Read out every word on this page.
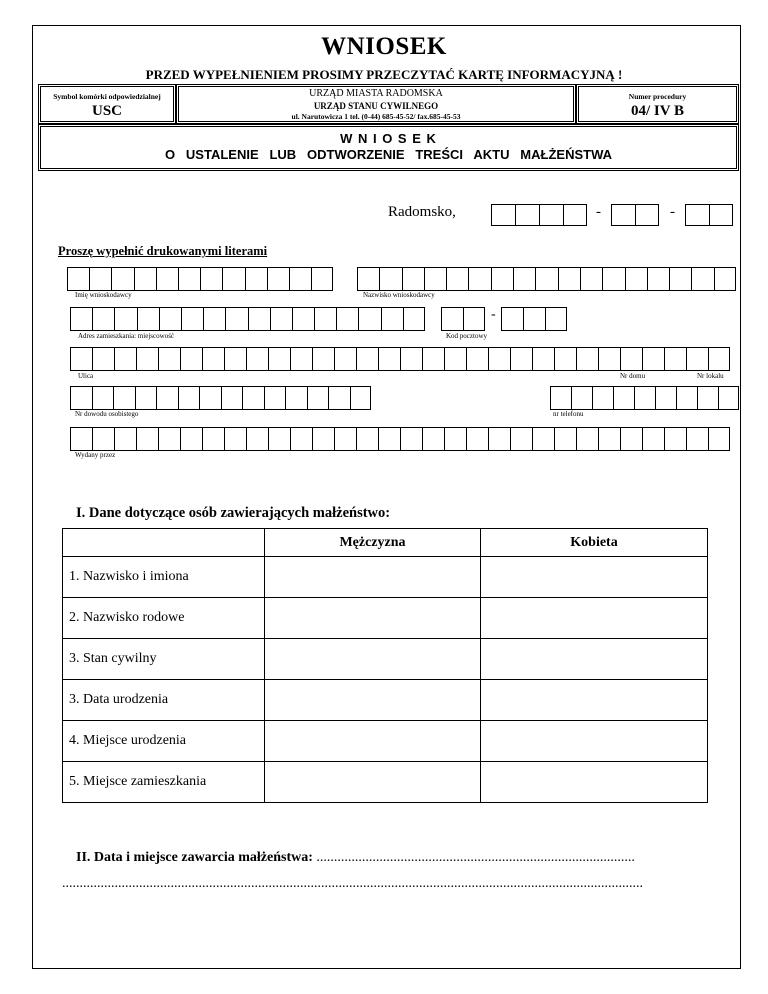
WNIOSEK
PRZED WYPEŁNIENIEM PROSIMY PRZECZYTAĆ KARTĘ INFORMACYJNĄ !
Symbol komórki odpowiedzialnej
USC
URZĄD MIASTA RADOMSKA
URZĄD STANU CYWILNEGO
ul. Narutowicza 1 tel. (0-44) 685-45-52/ fax.685-45-53
Numer procedury
04/ IV B
W N I O S E K
O   USTALENIE   LUB   ODTWORZENIE   TREŚCI   AKTU   MAŁŻEŃSTWA
Radomsko,	-	-
Proszę wypełnić drukowanymi literami
Imię wnioskodawcy	Nazwisko wnioskodawcy
Adres zamieszkania: miejscowość
-
Kod pocztowy
Ulica	Nr domu	Nr lokalu
Nr dowodu osobistego	nr telefonu
Wydany przez
I. Dane dotyczące osób zawierających małżeństwo:
	Mężczyzna	Kobieta
1. Nazwisko i imiona		
2. Nazwisko rodowe		
3. Stan cywilny		
3. Data urodzenia		
4. Miejsce urodzenia		
5. Miejsce zamieszkania		
II. Data i miejsce zawarcia małżeństwa: ...........................................................................................
......................................................................................................................................................................
